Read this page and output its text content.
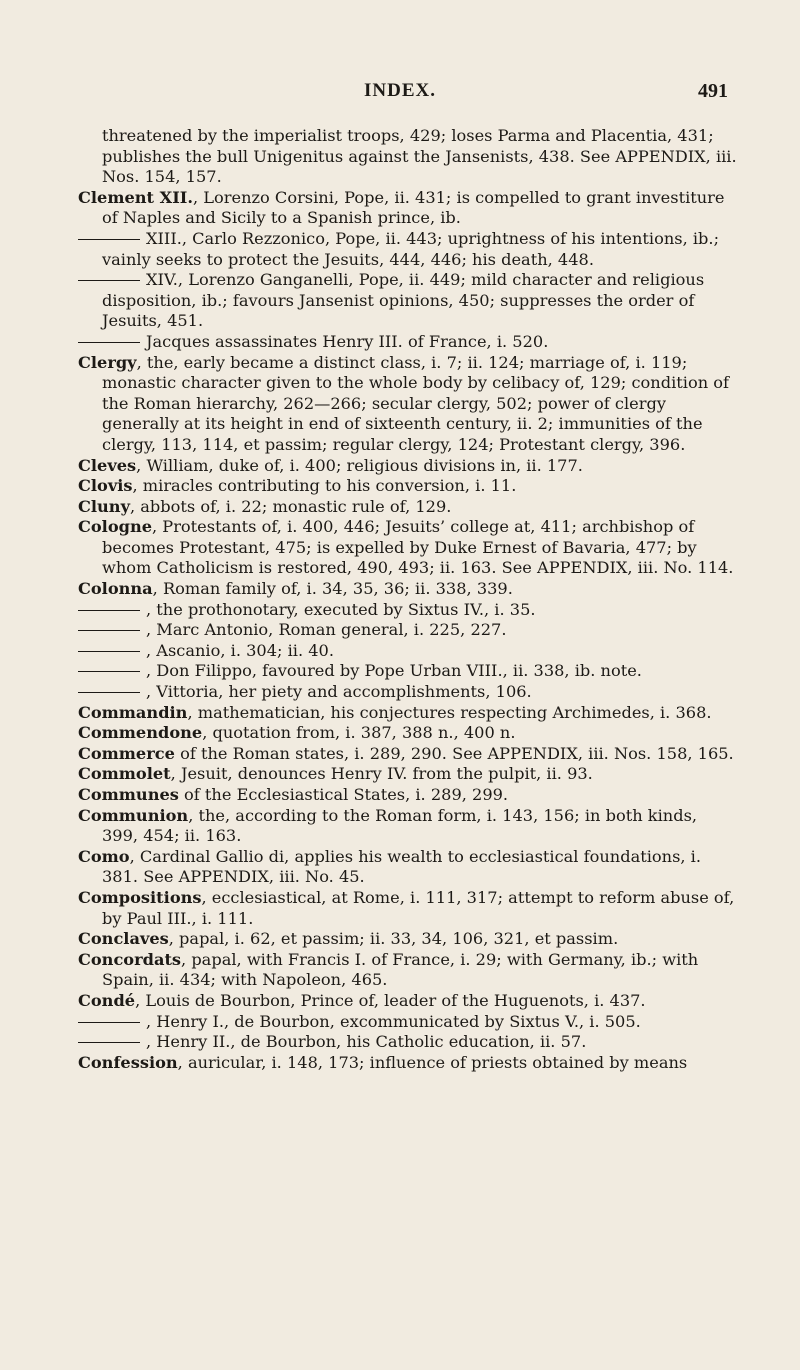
INDEX.	491

threatened by the imperialist troops, 429; loses Parma and Placentia, 431; publishes the bull Unigenitus against the Jansenists, 438. See APPENDIX, iii. Nos. 154, 157.

Clement XII., Lorenzo Corsini, Pope, ii. 431; is compelled to grant investiture of Naples and Sicily to a Spanish prince, ib.

XIII., Carlo Rezzonico, Pope, ii. 443; uprightness of his intentions, ib.; vainly seeks to protect the Jesuits, 444, 446; his death, 448.

XIV., Lorenzo Ganganelli, Pope, ii. 449; mild character and religious disposition, ib.; favours Jansenist opinions, 450; suppresses the order of Jesuits, 451.

Jacques assassinates Henry III. of France, i. 520.

Clergy, the, early became a distinct class, i. 7; ii. 124; marriage of, i. 119; monastic character given to the whole body by celibacy of, 129; condition of the Roman hierarchy, 262—266; secular clergy, 502; power of clergy generally at its height in end of sixteenth century, ii. 2; immunities of the clergy, 113, 114, et passim; regular clergy, 124; Protestant clergy, 396.

Cleves, William, duke of, i. 400; religious divisions in, ii. 177.

Clovis, miracles contributing to his conversion, i. 11.

Cluny, abbots of, i. 22; monastic rule of, 129.

Cologne, Protestants of, i. 400, 446; Jesuits’ college at, 411; archbishop of becomes Protestant, 475; is expelled by Duke Ernest of Bavaria, 477; by whom Catholicism is restored, 490, 493; ii. 163. See APPENDIX, iii. No. 114.

Colonna, Roman family of, i. 34, 35, 36; ii. 338, 339.

, the prothonotary, executed by Sixtus IV., i. 35.

, Marc Antonio, Roman general, i. 225, 227.

, Ascanio, i. 304; ii. 40.

, Don Filippo, favoured by Pope Urban VIII., ii. 338, ib. note.

, Vittoria, her piety and accomplishments, 106.

Commandin, mathematician, his conjectures respecting Archimedes, i. 368.

Commendone, quotation from, i. 387, 388 n., 400 n.

Commerce of the Roman states, i. 289, 290. See APPENDIX, iii. Nos. 158, 165.

Commolet, Jesuit, denounces Henry IV. from the pulpit, ii. 93.

Communes of the Ecclesiastical States, i. 289, 299.

Communion, the, according to the Roman form, i. 143, 156; in both kinds, 399, 454; ii. 163.

Como, Cardinal Gallio di, applies his wealth to ecclesiastical foundations, i. 381. See APPENDIX, iii. No. 45.

Compositions, ecclesiastical, at Rome, i. 111, 317; attempt to reform abuse of, by Paul III., i. 111.

Conclaves, papal, i. 62, et passim; ii. 33, 34, 106, 321, et passim.

Concordats, papal, with Francis I. of France, i. 29; with Germany, ib.; with Spain, ii. 434; with Napoleon, 465.

Condé, Louis de Bourbon, Prince of, leader of the Huguenots, i. 437.

, Henry I., de Bourbon, excommunicated by Sixtus V., i. 505.

, Henry II., de Bourbon, his Catholic education, ii. 57.

Confession, auricular, i. 148, 173; influence of priests obtained by means
